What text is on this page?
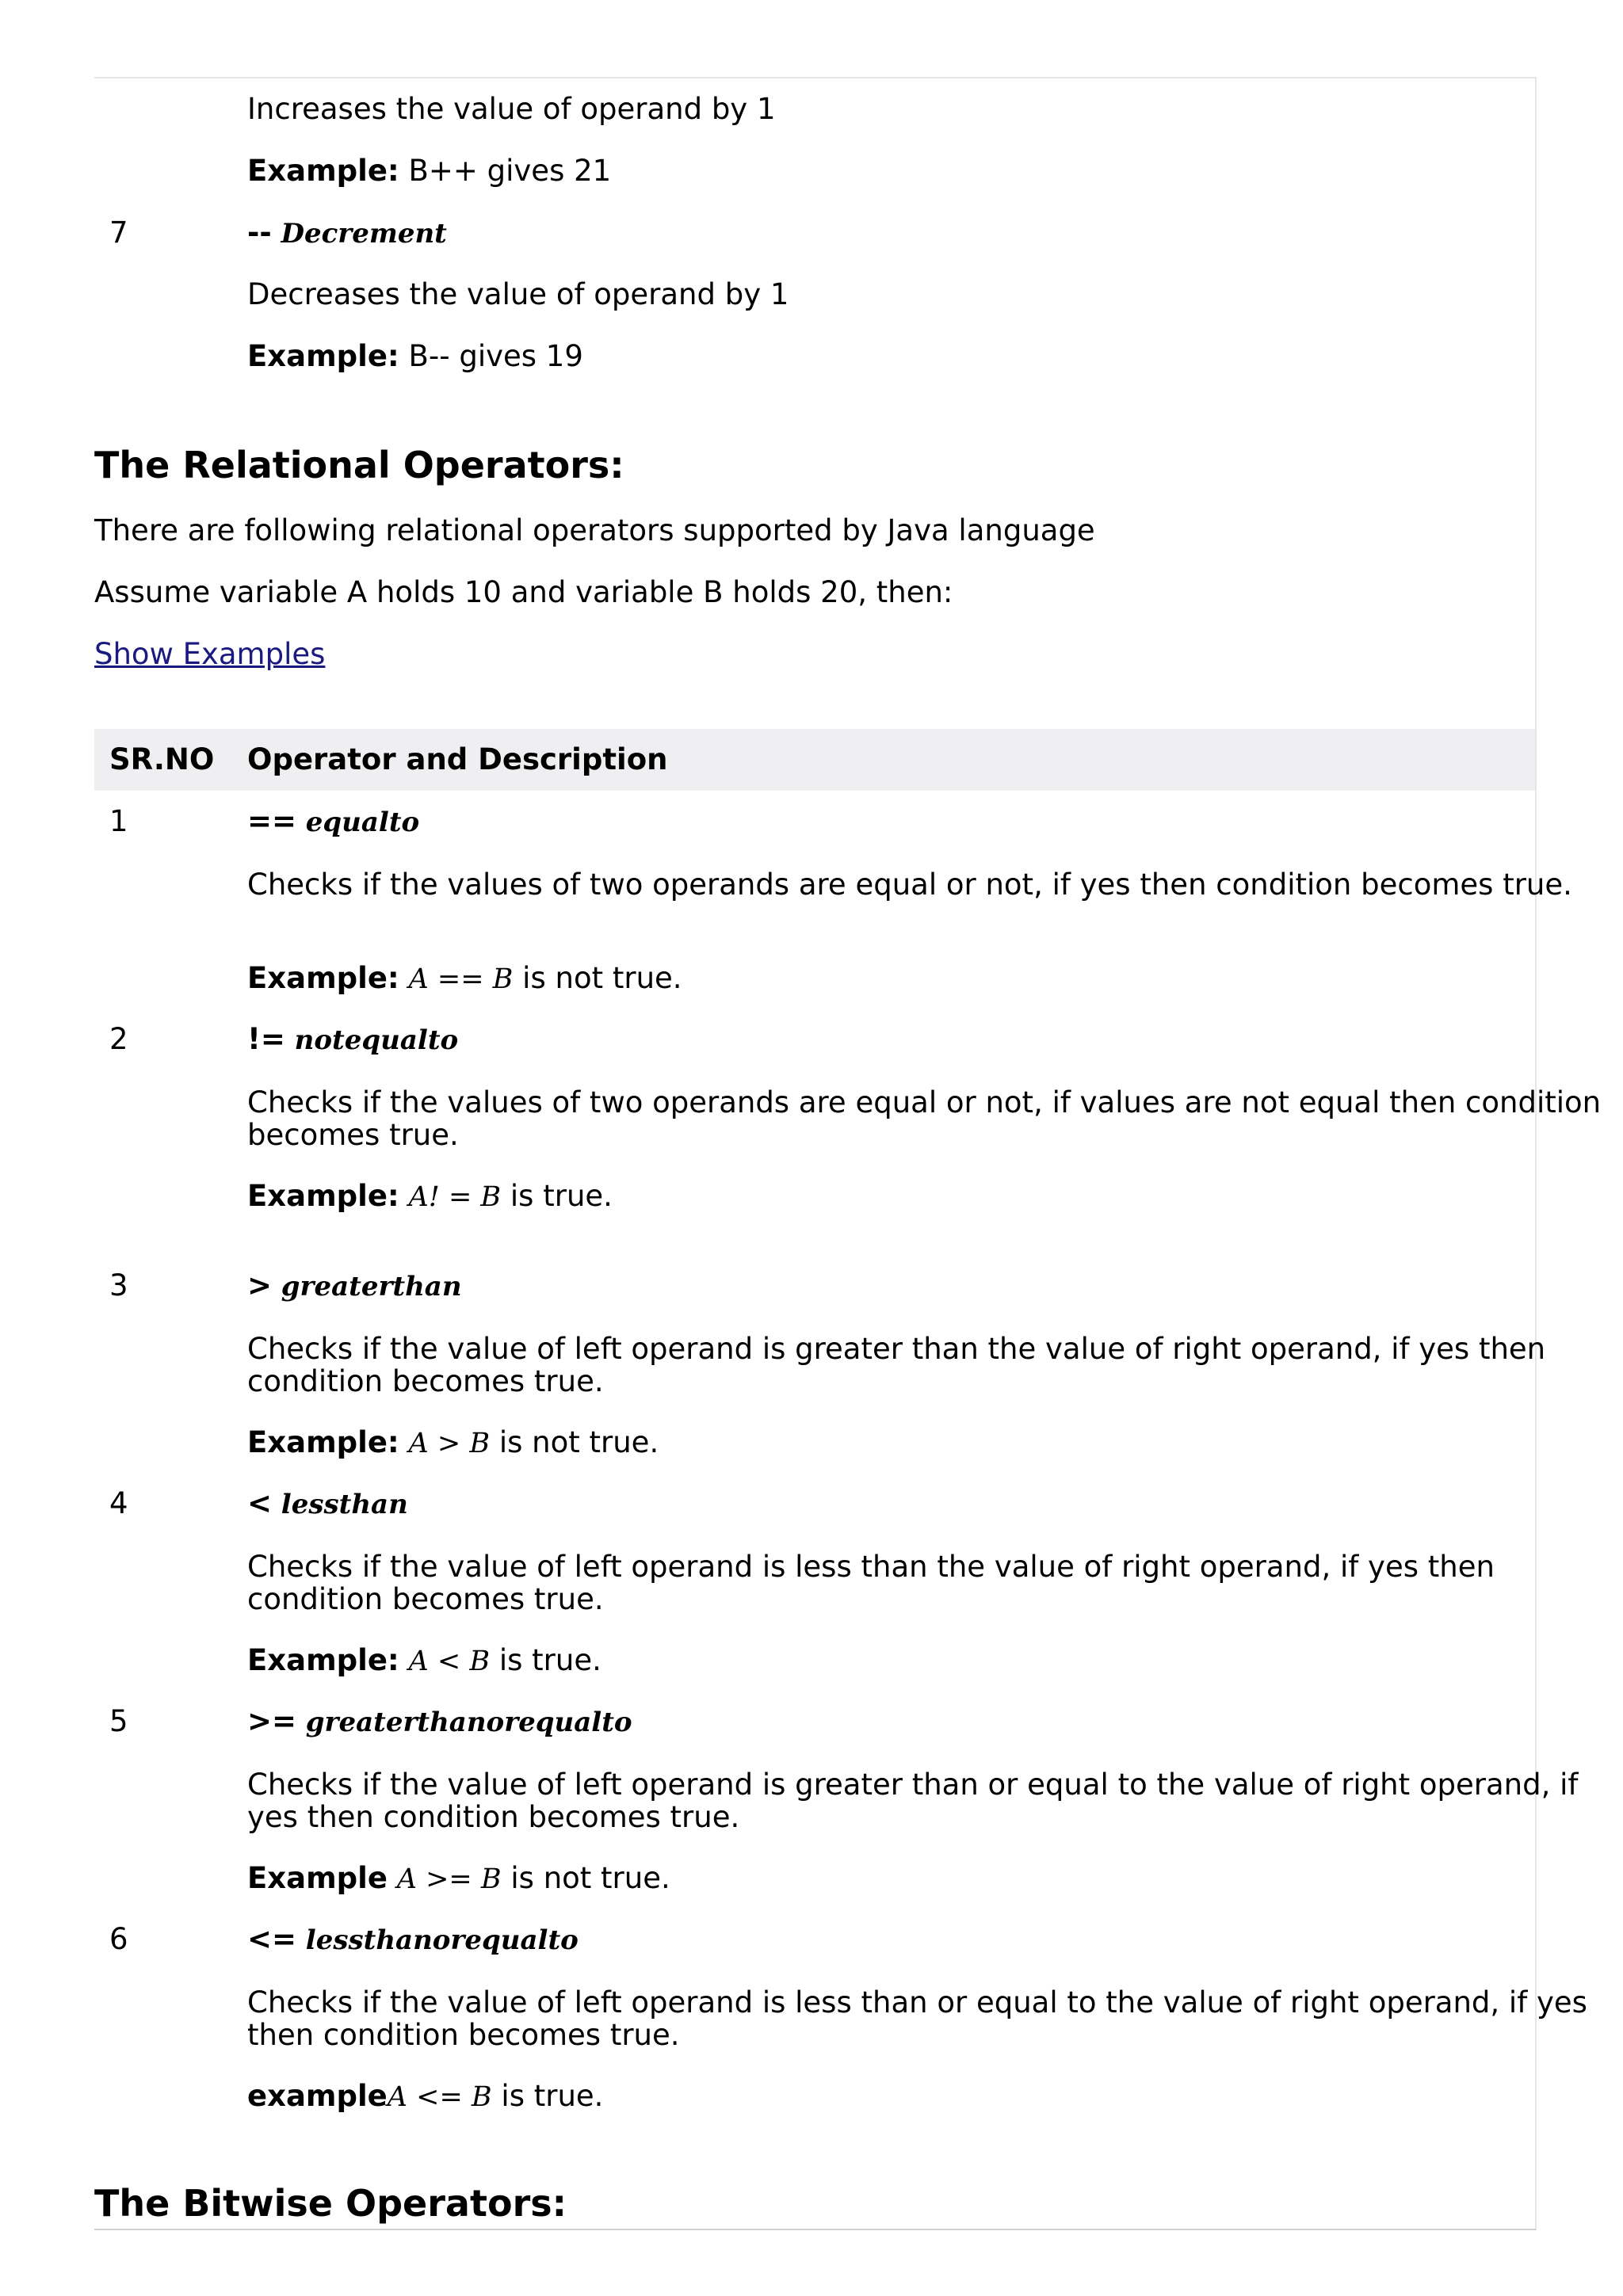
Increases the value of operand by 1
Example: B++ gives 21
7	-- Decrement
Decreases the value of operand by 1
Example: B-- gives 19
The Relational Operators:
There are following relational operators supported by Java language
Assume variable A holds 10 and variable B holds 20, then:
Show Examples
SR.NO Operator and Description
1	== equalto
Checks if the values of two operands are equal or not, if yes then condition becomes true.
Example: A == B is not true.
2	!= notequalto
Checks if the values of two operands are equal or not, if values are not equal then condition becomes true.
Example: A! = B is true.
3	> greaterthan
Checks if the value of left operand is greater than the value of right operand, if yes then condition becomes true.
Example: A > B is not true.
4	< lessthan
Checks if the value of left operand is less than the value of right operand, if yes then condition becomes true.
Example: A < B is true.
5	>= greaterthanorequalto
Checks if the value of left operand is greater than or equal to the value of right operand, if yes then condition becomes true.
Example A >= B is not true.
6	<= lessthanorequalto
Checks if the value of left operand is less than or equal to the value of right operand, if yes then condition becomes true.
exampleA <= B is true.
The Bitwise Operators:
